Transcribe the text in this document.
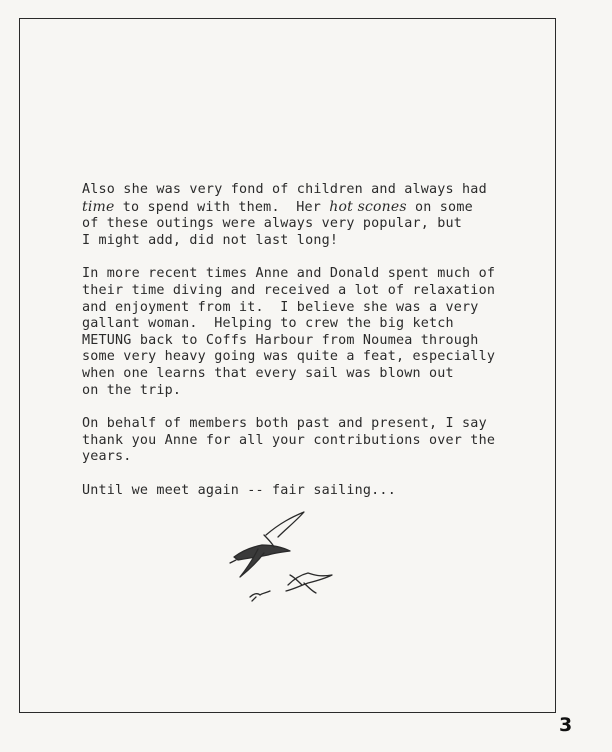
Also she was very fond of children and always had
time to spend with them.  Her hot scones on some
of these outings were always very popular, but
I might add, did not last long!
In more recent times Anne and Donald spent much of
their time diving and received a lot of relaxation
and enjoyment from it.  I believe she was a very
gallant woman.  Helping to crew the big ketch
METUNG back to Coffs Harbour from Noumea through
some very heavy going was quite a feat, especially
when one learns that every sail was blown out
on the trip.
On behalf of members both past and present, I say
thank you Anne for all your contributions over the
years.
Until we meet again -- fair sailing...
3
